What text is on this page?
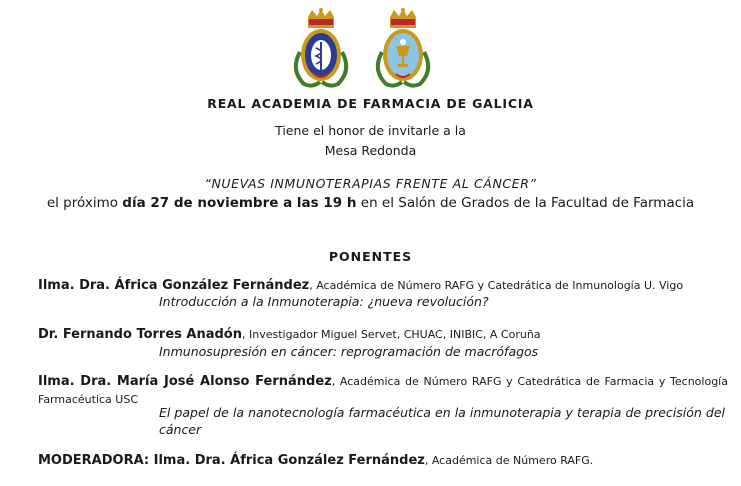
REAL ACADEMIA DE FARMACIA DE GALICIA
Tiene el honor de invitarle a la
Mesa Redonda
“NUEVAS INMUNOTERAPIAS FRENTE AL CÁNCER”
el próximo día 27 de noviembre a las 19 h en el Salón de Grados de la Facultad de Farmacia
PONENTES
Ilma. Dra. África González Fernández, Académica de Número RAFG y Catedrática de Inmunología U. Vigo
Introducción a la Inmunoterapia: ¿nueva revolución?
Dr. Fernando Torres Anadón, Investigador Miguel Servet, CHUAC, INIBIC, A Coruña
Inmunosupresión en cáncer: reprogramación de macrófagos
Ilma. Dra. María José Alonso Fernández, Académica de Número RAFG y Catedrática de Farmacia y Tecnología Farmacéutica USC
El papel de la nanotecnología farmacéutica en la inmunoterapia y terapia de precisión del cáncer
MODERADORA: Ilma. Dra. África González Fernández, Académica de Número RAFG.
